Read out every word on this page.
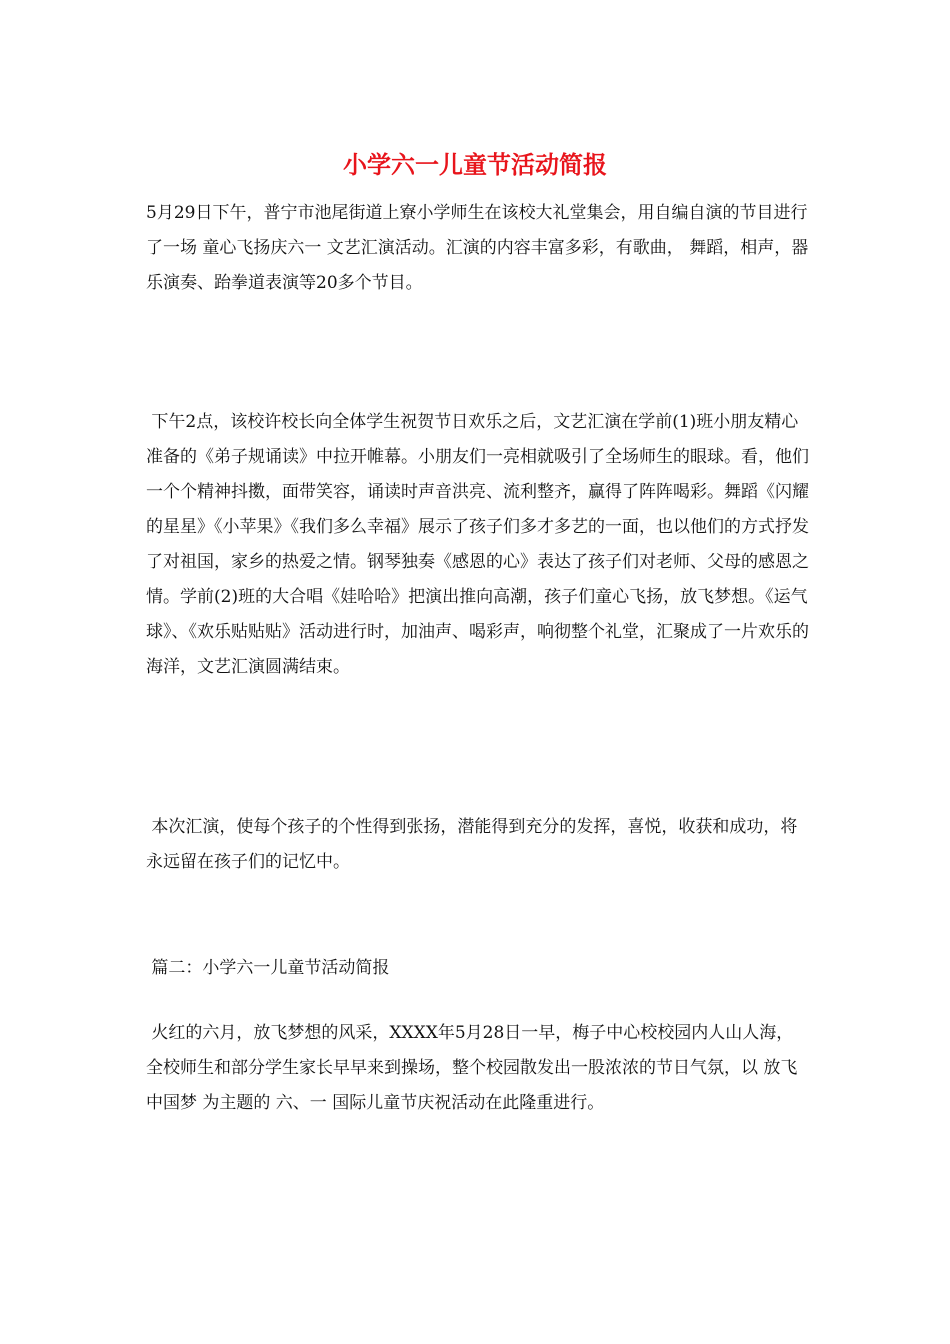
小学六一儿童节活动简报

5月29日下午，普宁市池尾街道上寮小学师生在该校大礼堂集会，用自编自演的节目进行了一场 童心飞扬庆六一 文艺汇演活动。汇演的内容丰富多彩，有歌曲， 舞蹈，相声，器乐演奏、跆拳道表演等20多个节目。

下午2点，该校许校长向全体学生祝贺节日欢乐之后，文艺汇演在学前(1)班小朋友精心准备的《弟子规诵读》中拉开帷幕。小朋友们一亮相就吸引了全场师生的眼球。看，他们一个个精神抖擞，面带笑容，诵读时声音洪亮、流利整齐，赢得了阵阵喝彩。舞蹈《闪耀的星星》《小苹果》《我们多么幸福》展示了孩子们多才多艺的一面，也以他们的方式抒发了对祖国，家乡的热爱之情。钢琴独奏《感恩的心》表达了孩子们对老师、父母的感恩之情。学前(2)班的大合唱《娃哈哈》把演出推向高潮，孩子们童心飞扬，放飞梦想。《运气球》、《欢乐贴贴贴》活动进行时，加油声、喝彩声，响彻整个礼堂，汇聚成了一片欢乐的海洋，文艺汇演圆满结束。

本次汇演，使每个孩子的个性得到张扬，潜能得到充分的发挥，喜悦，收获和成功，将永远留在孩子们的记忆中。

篇二：小学六一儿童节活动简报

火红的六月，放飞梦想的风采，XXXX年5月28日一早，梅子中心校校园内人山人海，全校师生和部分学生家长早早来到操场，整个校园散发出一股浓浓的节日气氛，以 放飞中国梦 为主题的 六、一 国际儿童节庆祝活动在此隆重进行。
